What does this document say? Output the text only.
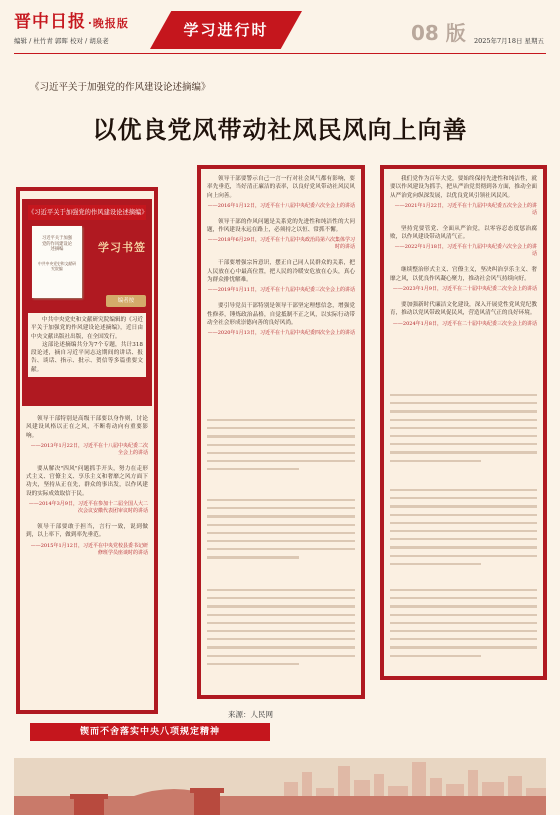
晋中日报 ·晚报版
编辑 / 杜竹青 郭晖 校对 / 胡泉老
学习进行时	08 版 2025年7月18日 星期五
《习近平关于加强党的作风建设论述摘编》
以优良党风带动社风民风向上向善

领导干部特别是高级干部要以身作则，讨论风建设风格以正在之风，不断将动向有重要影响。

——2013年1月22日，习近平在十八届中央纪委二次全会上的讲话

要从解决"四风"问题抓手开头，努力在走形式主义、官僚主义、享乐主义和奢靡之风方面下功夫，坚持从正在先，群众的事出发，以作风建设的实际成效取信于民。

——2014年3月9日，习近平在参加十二届全国人大二次会议安徽代表团审议时的讲话

领导干部要敢于担当，言行一致，说到做到，以上率下，做到率先垂范。

——2015年1月12日，习近平在中央党校县委书记研修班学员座谈时的讲话

《习近平关于加强党的作风建设论述摘编》
习近平关于加强党的作风建设论述摘编
中共中央党史和文献研究院编
学习书签
编者按

中共中央党史和文献研究院编辑的《习近平关于加强党的作风建设论述摘编》，近日由中央文献出版社出版，在全国发行。

这部论述摘编共分为7个专题，共计318段论述，摘自习近平同志这期间的讲话、报告、谈话、指示、批示、贺信等多篇重要文献。

领导干部要警示自己一言一行对社会风气都有影响，要率先垂范，当好清正廉洁的表率，以良好党风带动社风民风向上向善。

——2016年1月12日，习近平在十八届中央纪委六次全会上的讲话

领导干部的作风问题是关系党的先进性和纯洁性的大问题，作风建设永远在路上，必须持之以恒、常抓不懈。

——2018年6月29日，习近平在十九届中央政治局第六次集体学习时的讲话

干部要增强宗旨意识，摆正自己同人民群众的关系，把人民放在心中最高位置，把人民的冷暖安危放在心头，真心为群众排忧解难。

——2019年1月11日，习近平在十九届中央纪委三次全会上的讲话

要引导党员干部特别是领导干部坚定理想信念，增强党性修养，锤炼政治品格，自觉抵制不正之风，以实际行动带动全社会形成崇德向善的良好风尚。

——2020年1月13日，习近平在十九届中央纪委四次全会上的讲话

我们党作为百年大党，要始终保持先进性和纯洁性，就要以作风建设为抓手，把从严治党贯彻到各方面，推动全面从严治党向纵深发展，以优良党风引领社风民风。

——2021年1月22日，习近平在十九届中央纪委五次全会上的讲话

坚持党要管党、全面从严治党，以零容忍态度惩治腐败，以作风建设带动风清气正。

——2022年1月18日，习近平在十九届中央纪委六次全会上的讲话

继续整治形式主义、官僚主义，坚决纠治享乐主义、奢靡之风，以优良作风凝心聚力，推动社会风气持续向好。

——2023年1月9日，习近平在二十届中央纪委二次全会上的讲话

要加强新时代廉洁文化建设，深入开展党性党风党纪教育，推动以党风带政风促民风，营造风清气正的良好环境。

——2024年1月8日，习近平在二十届中央纪委三次全会上的讲话

来源：人民网
锲而不舍落实中央八项规定精神
